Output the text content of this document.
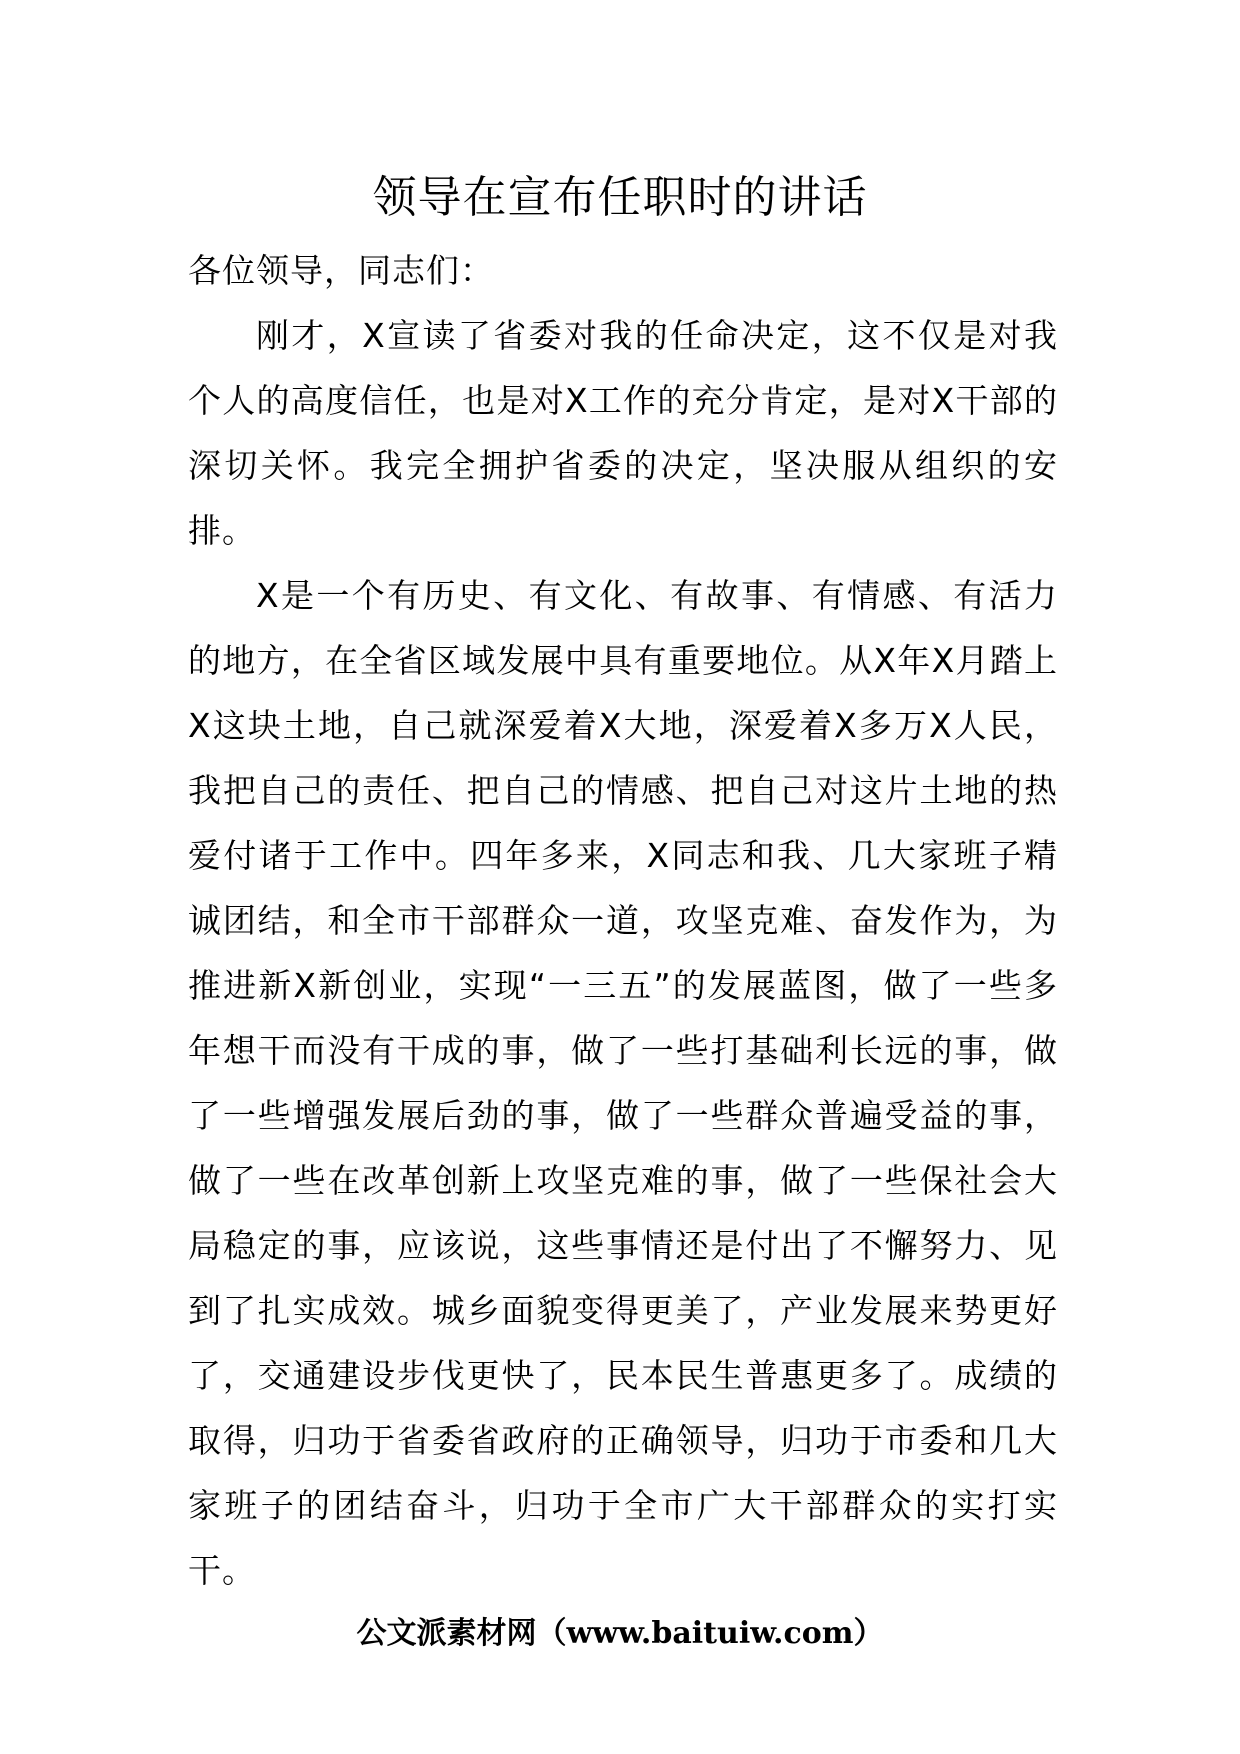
领导在宣布任职时的讲话

各位领导，同志们：

刚才，X宣读了省委对我的任命决定，这不仅是对我个人的高度信任，也是对X工作的充分肯定，是对X干部的深切关怀。我完全拥护省委的决定，坚决服从组织的安排。

X是一个有历史、有文化、有故事、有情感、有活力的地方，在全省区域发展中具有重要地位。从X年X月踏上X这块土地，自己就深爱着X大地，深爱着X多万X人民，我把自己的责任、把自己的情感、把自己对这片土地的热爱付诸于工作中。四年多来，X同志和我、几大家班子精诚团结，和全市干部群众一道，攻坚克难、奋发作为，为推进新X新创业，实现“一三五”的发展蓝图，做了一些多年想干而没有干成的事，做了一些打基础利长远的事，做了一些增强发展后劲的事，做了一些群众普遍受益的事，做了一些在改革创新上攻坚克难的事，做了一些保社会大局稳定的事，应该说，这些事情还是付出了不懈努力、见到了扎实成效。城乡面貌变得更美了，产业发展来势更好了，交通建设步伐更快了，民本民生普惠更多了。成绩的取得，归功于省委省政府的正确领导，归功于市委和几大家班子的团结奋斗，归功于全市广大干部群众的实打实干。

公文派素材网（www.baituiw.com）
